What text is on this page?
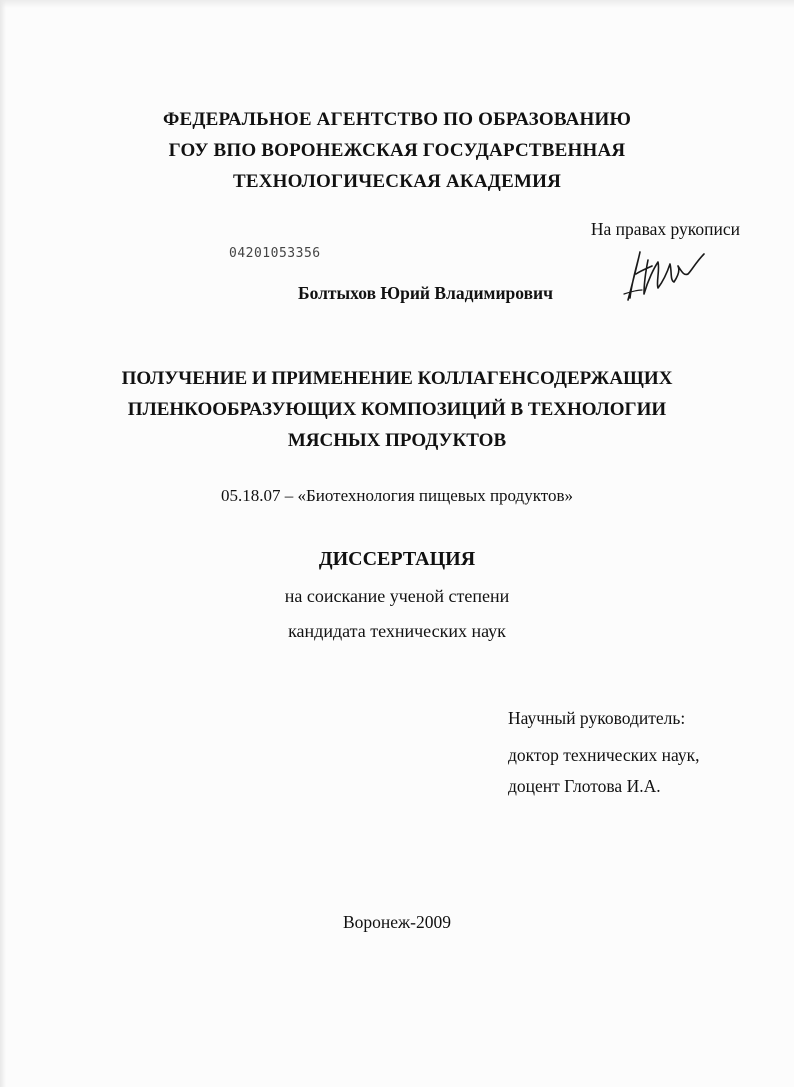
ФЕДЕРАЛЬНОЕ АГЕНТСТВО ПО ОБРАЗОВАНИЮ
ГОУ ВПО ВОРОНЕЖСКАЯ ГОСУДАРСТВЕННАЯ
ТЕХНОЛОГИЧЕСКАЯ АКАДЕМИЯ
На правах рукописи
04201053356
Болтыхов Юрий Владимирович
ПОЛУЧЕНИЕ И ПРИМЕНЕНИЕ КОЛЛАГЕНСОДЕРЖАЩИХ
ПЛЕНКООБРАЗУЮЩИХ КОМПОЗИЦИЙ В ТЕХНОЛОГИИ
МЯСНЫХ ПРОДУКТОВ
05.18.07 – «Биотехнология пищевых продуктов»
ДИССЕРТАЦИЯ
на соискание ученой степени
кандидата технических наук
Научный руководитель:
доктор технических наук,
доцент Глотова И.А.
Воронеж-2009
